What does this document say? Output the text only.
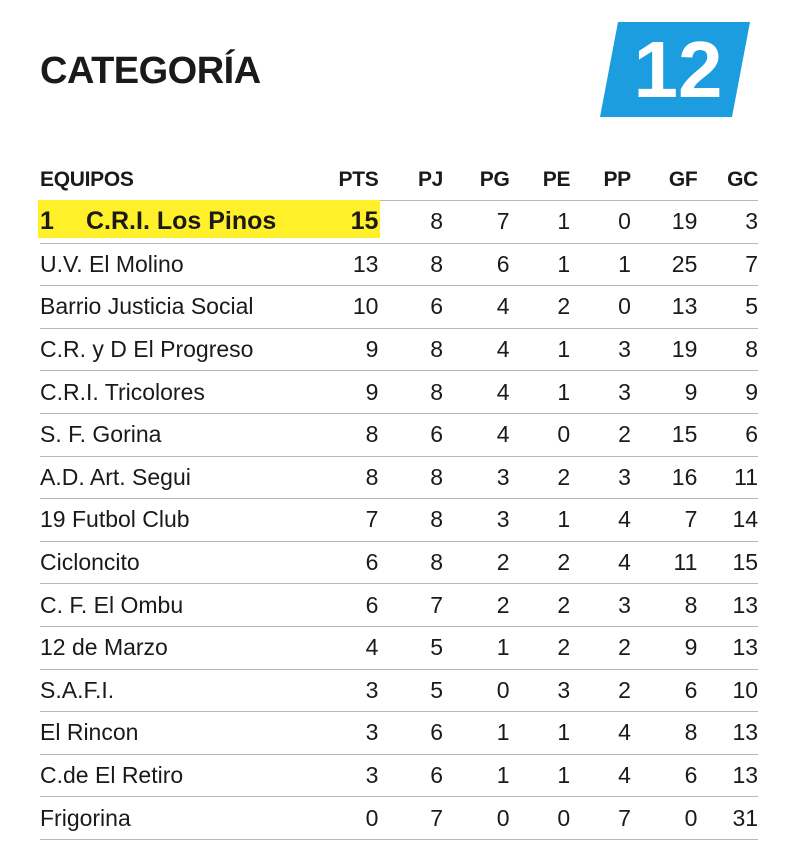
CATEGORÍA	12
EQUIPOS	PTS	PJ	PG	PE	PP	GF	GC
1 C.R.I. Los Pinos	15	8	7	1	0	19	3
U.V. El Molino	13	8	6	1	1	25	7
Barrio Justicia Social	10	6	4	2	0	13	5
C.R. y D El Progreso	9	8	4	1	3	19	8
C.R.I. Tricolores	9	8	4	1	3	9	9
S. F. Gorina	8	6	4	0	2	15	6
A.D. Art. Segui	8	8	3	2	3	16	11
19 Futbol Club	7	8	3	1	4	7	14
Cicloncito	6	8	2	2	4	11	15
C. F. El Ombu	6	7	2	2	3	8	13
12 de Marzo	4	5	1	2	2	9	13
S.A.F.I.	3	5	0	3	2	6	10
El Rincon	3	6	1	1	4	8	13
C.de El Retiro	3	6	1	1	4	6	13
Frigorina	0	7	0	0	7	0	31
